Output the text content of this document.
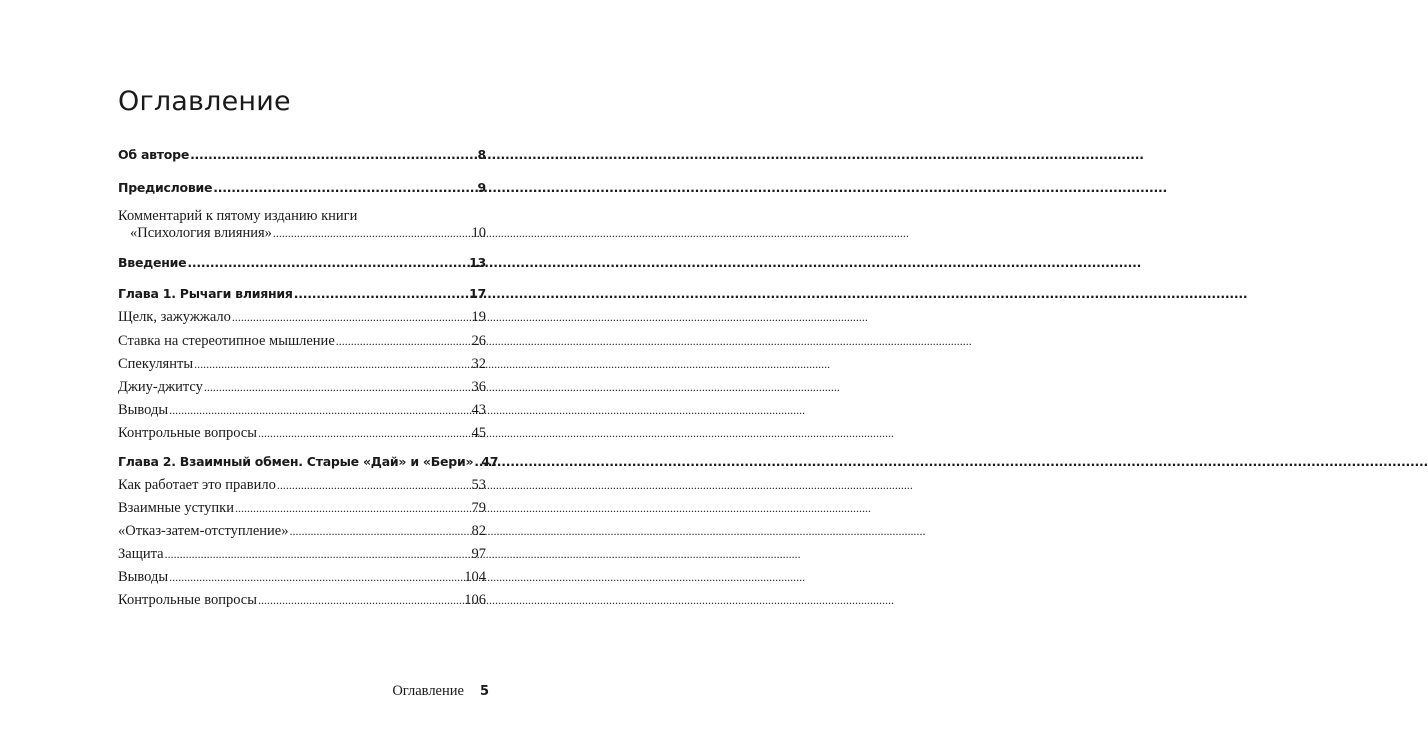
Оглавление
Об авторе .....	8
Предисловие .....	9
Комментарий к пятому изданию книги
«Психология влияния» .....	10
Введение .....	13
Глава 1. Рычаги влияния .....	17
Щелк, зажужжало .....	19
Ставка на стереотипное мышление .....	26
Спекулянты .....	32
Джиу-джитсу .....	36
Выводы .....	43
Контрольные вопросы .....	45
Глава 2. Взаимный обмен. Старые «Дай» и «Бери» ..... 47
Как работает это правило .....	53
Взаимные уступки .....	79
«Отказ-затем-отступление» .....	82
Защита .....	97
Выводы .....	104
Контрольные вопросы .....	106
Оглавление 5
